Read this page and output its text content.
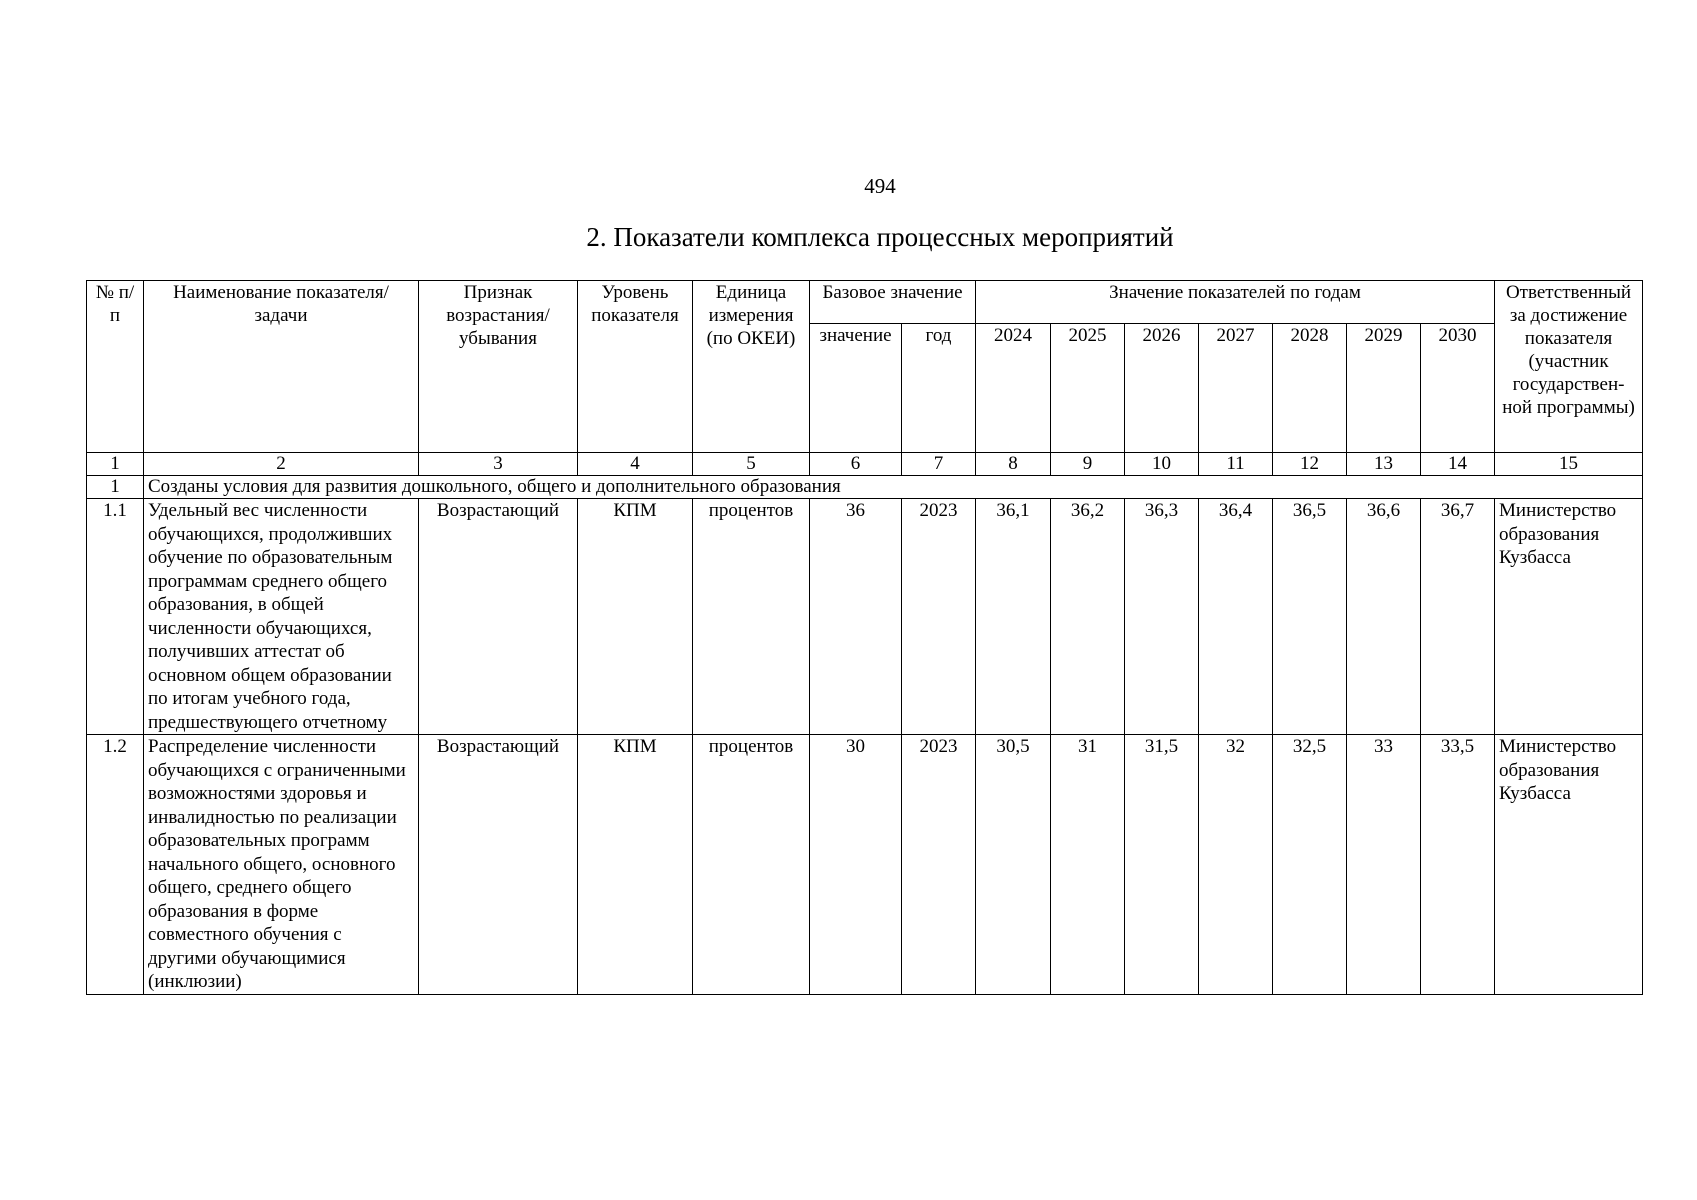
494
2. Показатели комплекса процессных мероприятий
№ п/п	Наименование показателя/задачи	Признак возрастания/ убывания	Уровень показателя	Единица измерения (по ОКЕИ)	Базовое значение		Значение показателей по годам							Ответственный за достижение показателя (участник государствен-ной программы)
					значение	год	2024	2025	2026	2027	2028	2029	2030	
1	2	3	4	5	6	7	8	9	10	11	12	13	14	15
1	Созданы условия для развития дошкольного, общего и дополнительного образования													
1.1	Удельный вес численности обучающихся, продолживших обучение по образовательным программам среднего общего образования, в общей численности обучающихся, получивших аттестат об основном общем образовании по итогам учебного года, предшествующего отчетному	Возрастающий	КПМ	процентов	36	2023	36,1	36,2	36,3	36,4	36,5	36,6	36,7	Министерство образования Кузбасса
1.2	Распределение численности обучающихся с ограниченными возможностями здоровья и инвалидностью по реализации образовательных программ начального общего, основного общего, среднего общего образования в форме совместного обучения с другими обучающимися (инклюзии)	Возрастающий	КПМ	процентов	30	2023	30,5	31	31,5	32	32,5	33	33,5	Министерство образования Кузбасса
